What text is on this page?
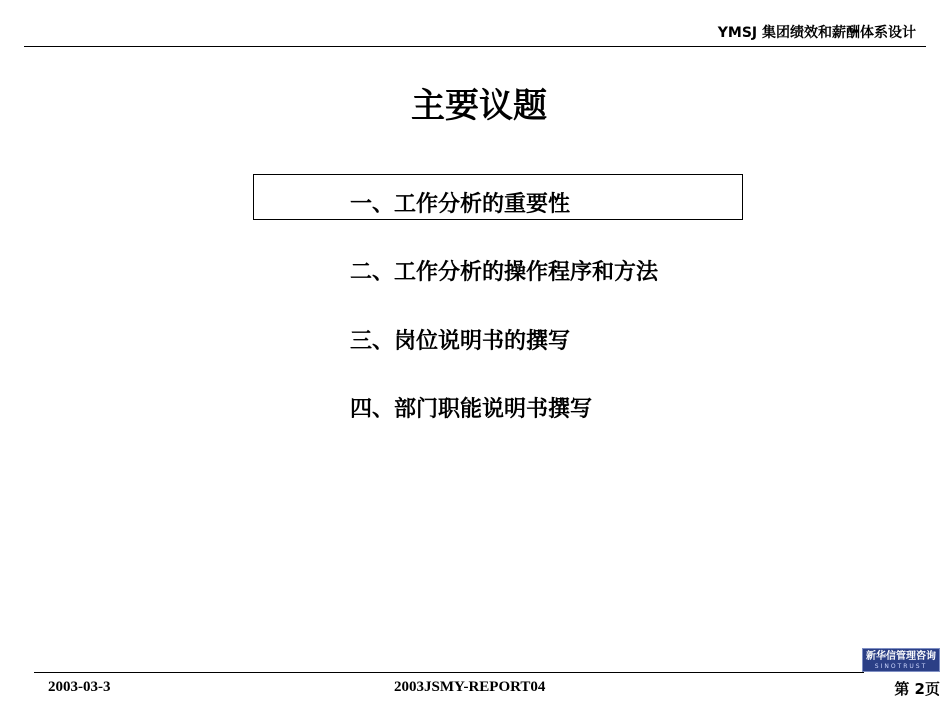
YMSJ 集团绩效和薪酬体系设计
主要议题
一、工作分析的重要性
二、工作分析的操作程序和方法
三、岗位说明书的撰写
四、部门职能说明书撰写
新华信管理咨询
SINOTRUST
2003-03-3	2003JSMY-REPORT04	第 2页
